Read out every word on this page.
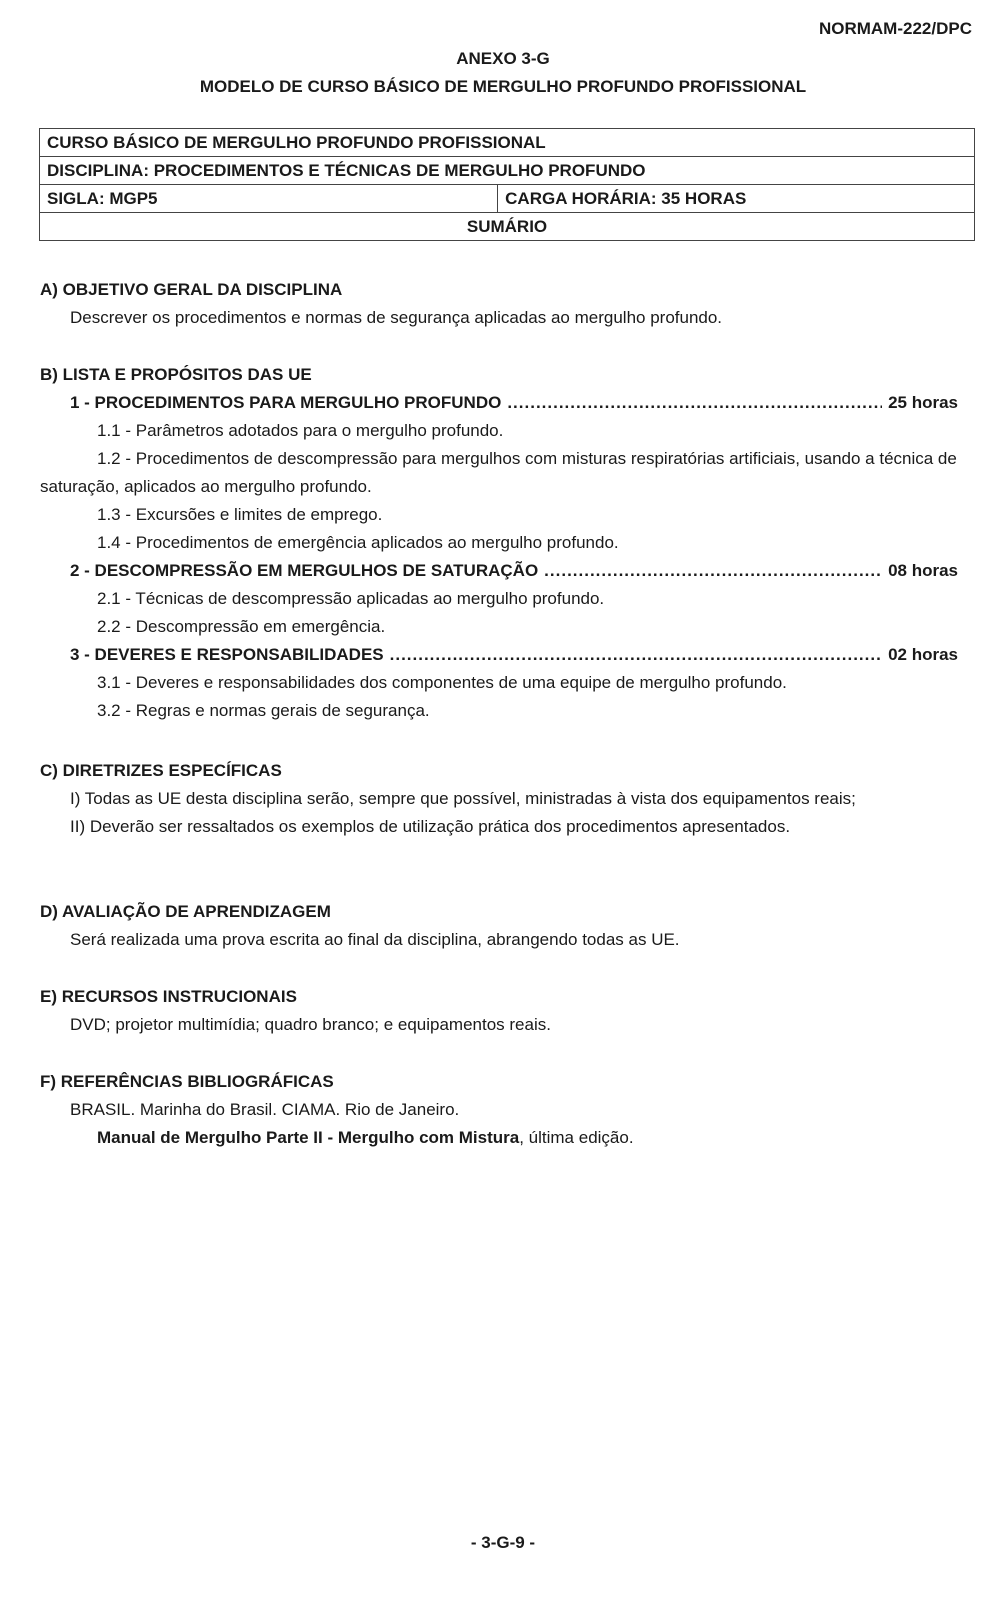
NORMAM-222/DPC
ANEXO 3-G
MODELO DE CURSO BÁSICO DE MERGULHO PROFUNDO PROFISSIONAL
CURSO BÁSICO DE MERGULHO PROFUNDO PROFISSIONAL
DISCIPLINA: PROCEDIMENTOS E TÉCNICAS DE MERGULHO PROFUNDO
SIGLA: MGP5	CARGA HORÁRIA: 35 HORAS
SUMÁRIO
A) OBJETIVO GERAL DA DISCIPLINA
Descrever os procedimentos e normas de segurança aplicadas ao mergulho profundo.
B) LISTA E PROPÓSITOS DAS UE
1 - PROCEDIMENTOS PARA MERGULHO PROFUNDO .....	25 horas
1.1 - Parâmetros adotados para o mergulho profundo.
1.2 - Procedimentos de descompressão para mergulhos com misturas respiratórias artificiais, usando a técnica de saturação, aplicados ao mergulho profundo.
1.3 - Excursões e limites de emprego.
1.4 - Procedimentos de emergência aplicados ao mergulho profundo.
2 - DESCOMPRESSÃO EM MERGULHOS DE SATURAÇÃO .....	08 horas
2.1 - Técnicas de descompressão aplicadas ao mergulho profundo.
2.2 - Descompressão em emergência.
3 - DEVERES E RESPONSABILIDADES .....	02 horas
3.1 - Deveres e responsabilidades dos componentes de uma equipe de mergulho profundo.
3.2 - Regras e normas gerais de segurança.
C) DIRETRIZES ESPECÍFICAS
I) Todas as UE desta disciplina serão, sempre que possível, ministradas à vista dos equipamentos reais;
II) Deverão ser ressaltados os exemplos de utilização prática dos procedimentos apresentados.
D) AVALIAÇÃO DE APRENDIZAGEM
Será realizada uma prova escrita ao final da disciplina, abrangendo todas as UE.
E) RECURSOS INSTRUCIONAIS
DVD; projetor multimídia; quadro branco; e equipamentos reais.
F) REFERÊNCIAS BIBLIOGRÁFICAS
BRASIL. Marinha do Brasil. CIAMA. Rio de Janeiro.
Manual de Mergulho Parte II - Mergulho com Mistura, última edição.
- 3-G-9 -
